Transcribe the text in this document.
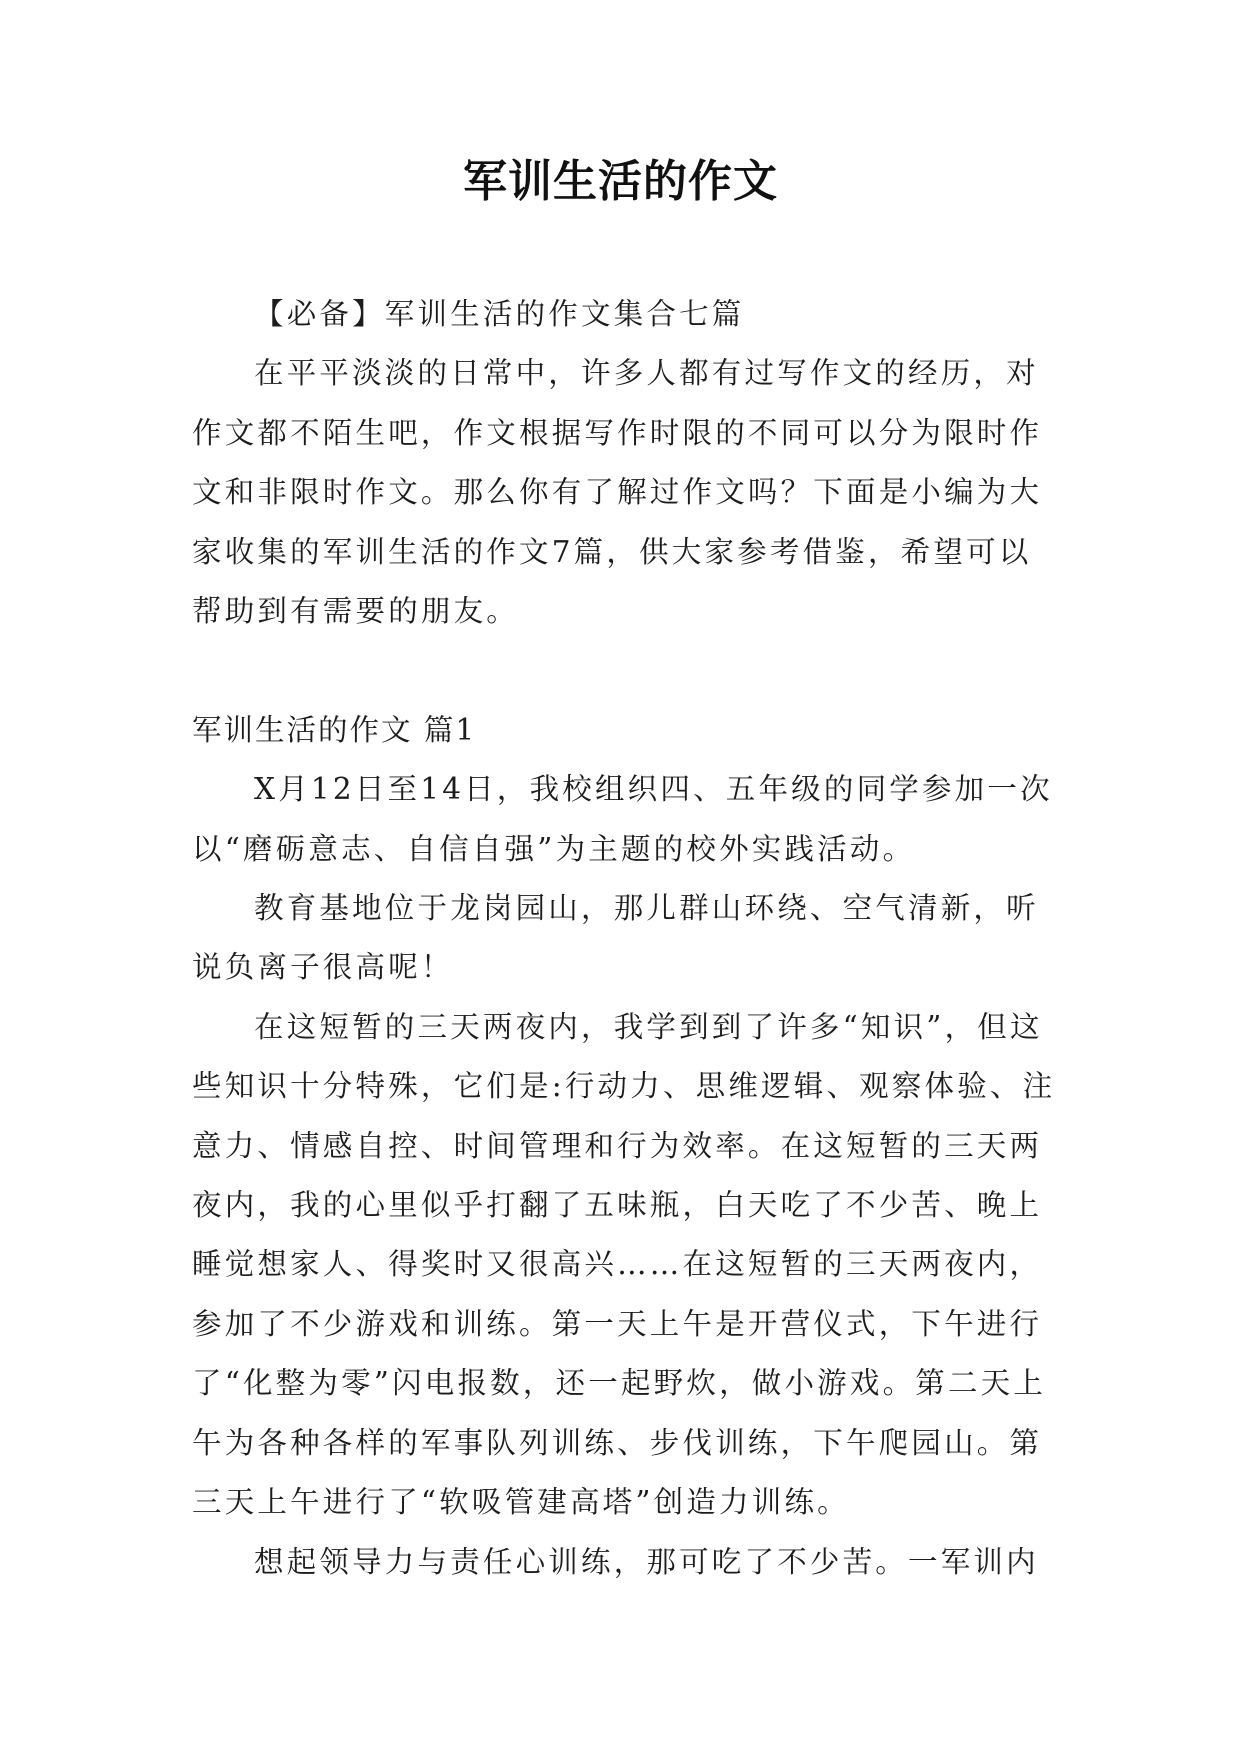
军训生活的作文

【必备】军训生活的作文集合七篇

在平平淡淡的日常中，许多人都有过写作文的经历，对作文都不陌生吧，作文根据写作时限的不同可以分为限时作文和非限时作文。那么你有了解过作文吗？下面是小编为大家收集的军训生活的作文7篇，供大家参考借鉴，希望可以帮助到有需要的朋友。

军训生活的作文 篇1

X月12日至14日，我校组织四、五年级的同学参加一次以“磨砺意志、自信自强”为主题的校外实践活动。

教育基地位于龙岗园山，那儿群山环绕、空气清新，听说负离子很高呢！

在这短暂的三天两夜内，我学到到了许多“知识”，但这些知识十分特殊，它们是:行动力、思维逻辑、观察体验、注意力、情感自控、时间管理和行为效率。在这短暂的三天两夜内，我的心里似乎打翻了五味瓶，白天吃了不少苦、晚上睡觉想家人、得奖时又很高兴……在这短暂的三天两夜内，参加了不少游戏和训练。第一天上午是开营仪式，下午进行了“化整为零”闪电报数，还一起野炊，做小游戏。第二天上午为各种各样的军事队列训练、步伐训练，下午爬园山。第三天上午进行了“软吸管建高塔”创造力训练。

想起领导力与责任心训练，那可吃了不少苦。一军训内
